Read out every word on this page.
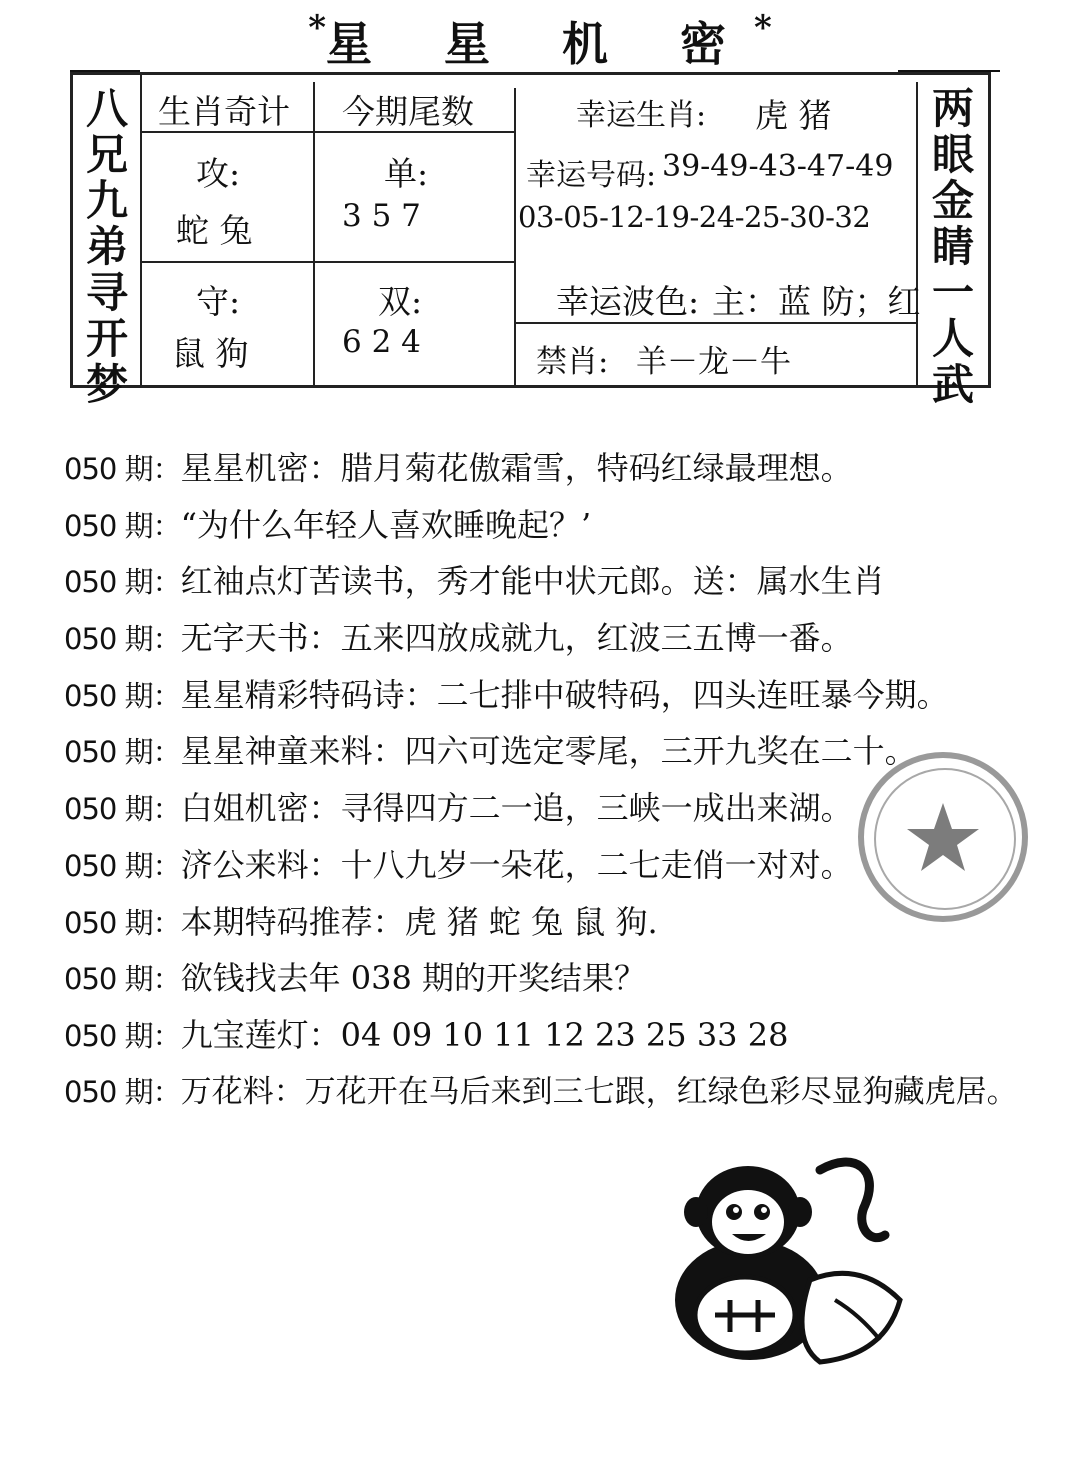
*星 星 机 密*
八
兄
九
弟
寻
开
梦
两
眼
金
睛
一
人
武
生肖奇计 今期尾数	幸运生肖: 虎 猪
攻:
蛇 兔
单:
3 5 7
幸运号码: 39-49-43-47-49
03-05-12-19-24-25-30-32
守:
鼠 狗
双:
6 2 4
幸运波色: 主：蓝 防；红
禁肖: 羊－龙－牛
050 期：星星机密：腊月菊花傲霜雪，特码红绿最理想。
050 期：“为什么年轻人喜欢睡晚起？’
050 期：红袖点灯苦读书，秀才能中状元郎。送：属水生肖
050 期：无字天书：五来四放成就九，红波三五博一番。
050 期：星星精彩特码诗：二七排中破特码，四头连旺暴今期。
050 期：星星神童来料：四六可选定零尾，三开九奖在二十。
050 期：白姐机密：寻得四方二一追，三峡一成出来湖。
050 期：济公来料：十八九岁一朵花，二七走俏一对对。
050 期：本期特码推荐：虎 猪 蛇 兔 鼠 狗.
050 期：欲钱找去年 038 期的开奖结果？
050 期：九宝莲灯：04 09 10 11 12 23 25 33 28
050 期：万花料：万花开在马后来到三七跟，红绿色彩尽显狗藏虎居。
